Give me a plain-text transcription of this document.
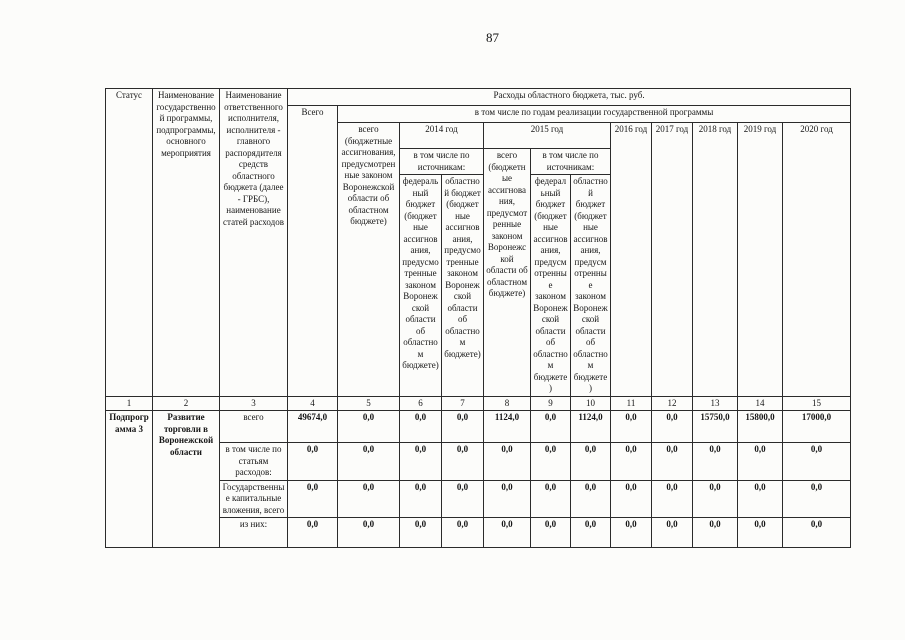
87
Статус	Наименование государственной программы, подпрограммы, основного мероприятия	Наименование ответственного исполнителя, исполнителя - главного распорядителя средств областного бюджета (далее - ГРБС), наименование статей расходов	Расходы областного бюджета, тыс. руб.											
			Всего	в том числе по годам реализации государственной программы										
				всего (бюджетные ассигнования, предусмотренные законом Воронежской области об областном бюджете)	2014 год		2015 год			2016 год	2017 год	2018 год	2019 год	2020 год
					в том числе по источникам:		всего (бюджетные ассигнования, предусмотренные законом Воронежской области об областном бюджете)	в том числе по источникам:						
					федеральный бюджет (бюджетные ассигнования, предусмотренные законом Воронежской области об областном бюджете)	областной бюджет (бюджетные ассигнования, предусмотренные законом Воронежской области об областном бюджете)		федеральный бюджет (бюджетные ассигнования, предусмотренные законом Воронежской области об областном бюджете)	областной бюджет (бюджетные ассигнования, предусмотренные законом Воронежской области об областном бюджете)					
1	2	3	4	5	6	7	8	9	10	11	12	13	14	15
Подпрограмма 3	Развитие торговли в Воронежской области	всего	49674,0	0,0	0,0	0,0	1124,0	0,0	1124,0	0,0	0,0	15750,0	15800,0	17000,0
		в том числе по статьям расходов:	0,0	0,0	0,0	0,0	0,0	0,0	0,0	0,0	0,0	0,0	0,0	0,0
		Государственные капитальные вложения, всего	0,0	0,0	0,0	0,0	0,0	0,0	0,0	0,0	0,0	0,0	0,0	0,0
		из них:	0,0	0,0	0,0	0,0	0,0	0,0	0,0	0,0	0,0	0,0	0,0	0,0
